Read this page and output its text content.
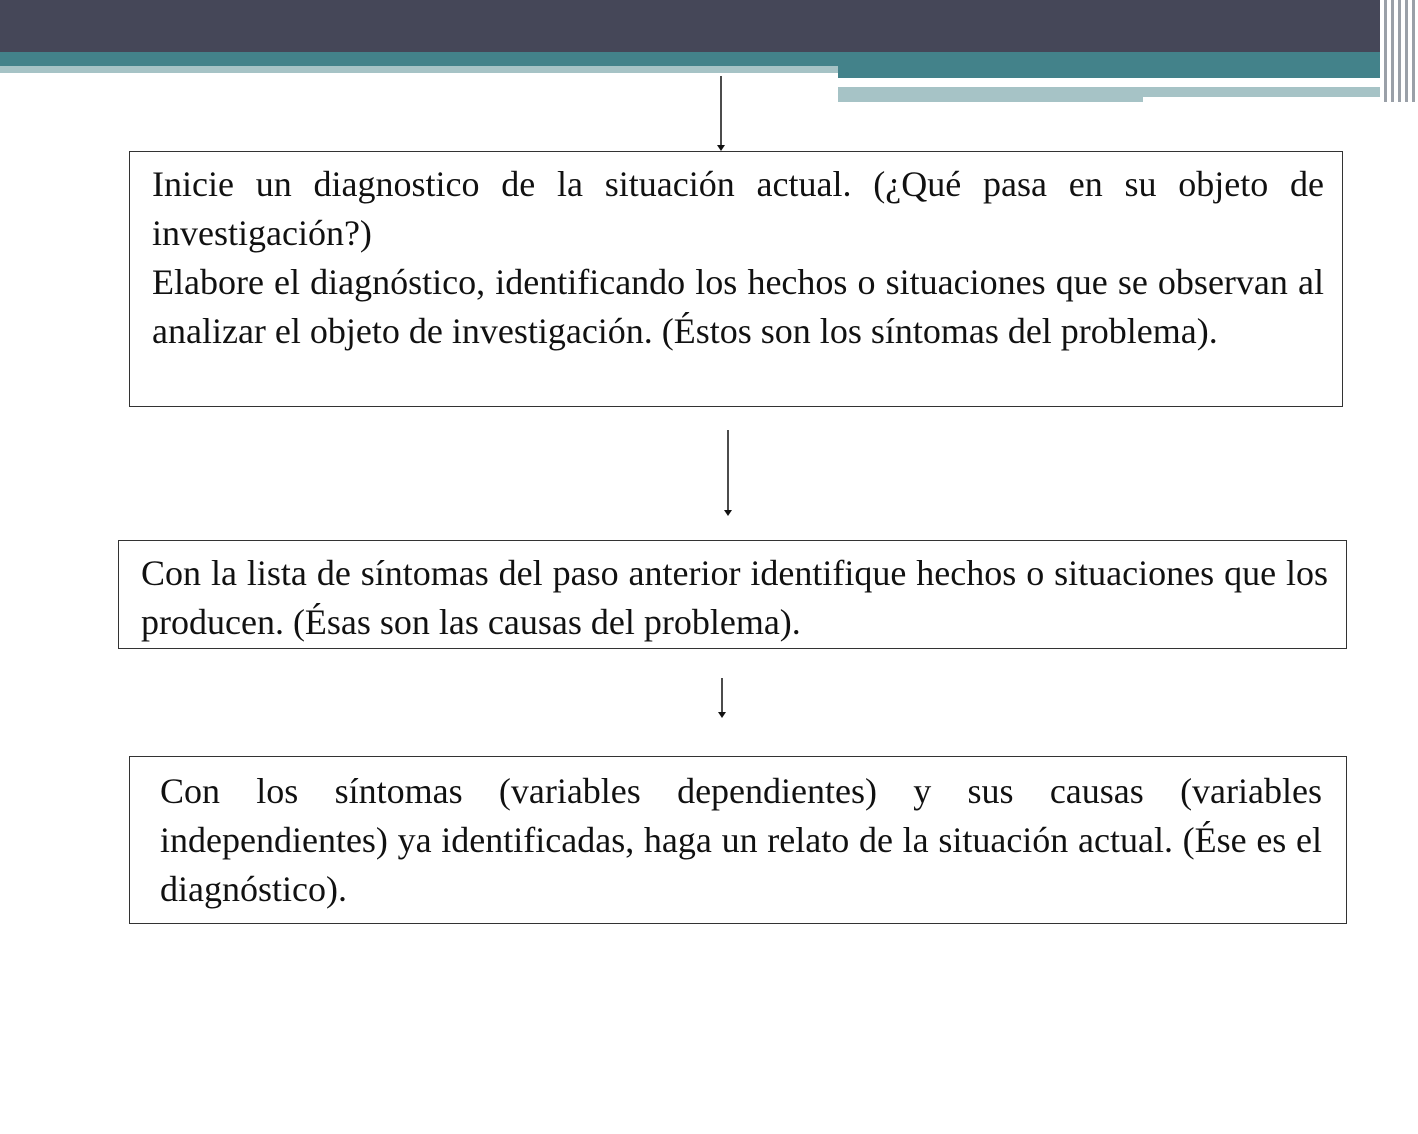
Inicie un diagnostico de la situación actual. (¿Qué pasa en su objeto de investigación?)

Elabore el diagnóstico, identificando los hechos o situaciones que se observan al analizar el objeto de investigación. (Éstos son los síntomas del problema).

Con la lista de síntomas del paso anterior identifique hechos o situaciones que los producen. (Ésas son las causas del problema).

Con los síntomas (variables dependientes) y sus causas (variables independientes) ya identificadas, haga un relato de la situación actual. (Ése es el diagnóstico).
